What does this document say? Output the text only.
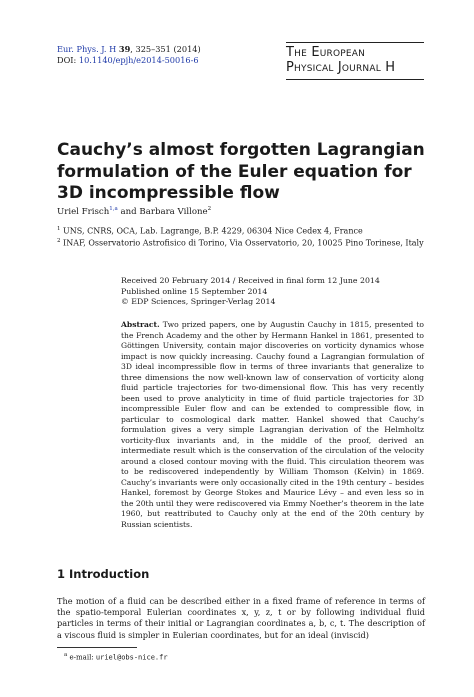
Eur. Phys. J. H 39, 325–351 (2014)
DOI: 10.1140/epjh/e2014-50016-6	The European
Physical Journal H
Cauchy’s almost forgotten Lagrangian formulation of the Euler equation for 3D incompressible flow
Uriel Frisch$^{1,a}$ and Barbara Villone$^2$
$^1$ UNS, CNRS, OCA, Lab. Lagrange, B.P. 4229, 06304 Nice Cedex 4, France
$^2$ INAF, Osservatorio Astrofisico di Torino, Via Osservatorio, 20, 10025 Pino Torinese, Italy
Received 20 February 2014 / Received in final form 12 June 2014
Published online 15 September 2014
© EDP Sciences, Springer-Verlag 2014
Abstract. Two prized papers, one by Augustin Cauchy in 1815, presented to the French Academy and the other by Hermann Hankel in 1861, presented to Göttingen University, contain major discoveries on vorticity dynamics whose impact is now quickly increasing. Cauchy found a Lagrangian formulation of 3D ideal incompressible flow in terms of three invariants that generalize to three dimensions the now well-known law of conservation of vorticity along fluid particle trajectories for two-dimensional flow. This has very recently been used to prove analyticity in time of fluid particle trajectories for 3D incompressible Euler flow and can be extended to compressible flow, in particular to cosmological dark matter. Hankel showed that Cauchy’s formulation gives a very simple Lagrangian derivation of the Helmholtz vorticity-flux invariants and, in the middle of the proof, derived an intermediate result which is the conservation of the circulation of the velocity around a closed contour moving with the fluid. This circulation theorem was to be rediscovered independently by William Thomson (Kelvin) in 1869. Cauchy’s invariants were only occasionally cited in the 19th century – besides Hankel, foremost by George Stokes and Maurice Lévy – and even less so in the 20th until they were rediscovered via Emmy Noether’s theorem in the late 1960, but reattributed to Cauchy only at the end of the 20th century by Russian scientists.
1 Introduction
The motion of a fluid can be described either in a fixed frame of reference in terms of the spatio-temporal Eulerian coordinates x, y, z, t or by following individual fluid particles in terms of their initial or Lagrangian coordinates a, b, c, t. The description of a viscous fluid is simpler in Eulerian coordinates, but for an ideal (inviscid)
$^a$ e-mail: uriel@obs-nice.fr
